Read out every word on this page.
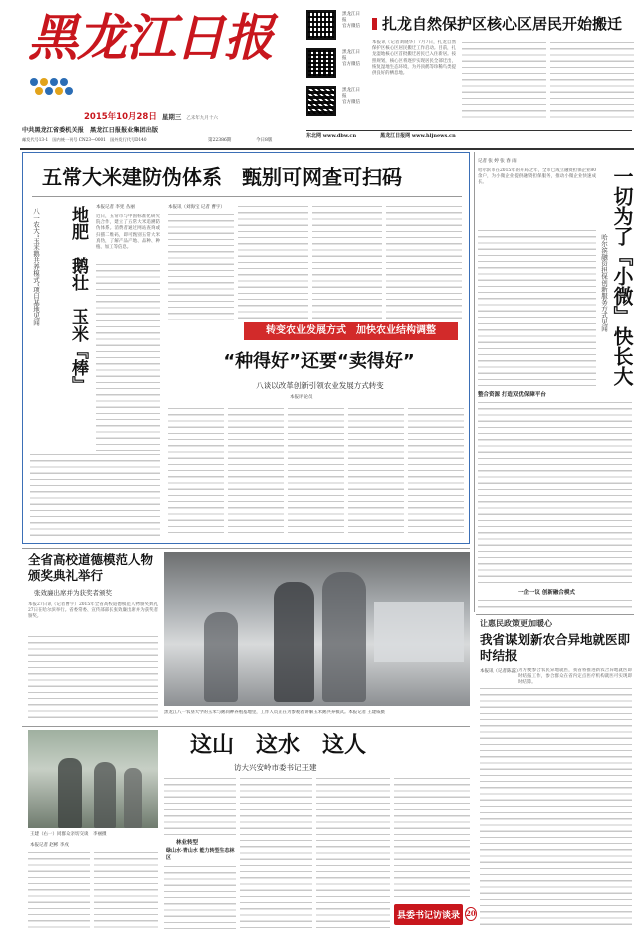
黑龙江日报
2015年10月28日 星期三 乙未年九月十六
中共黑龙江省委机关报　黑龙江日报报业集团出版
邮发代号13-1　国内统一刊号 CN23—0001　国外发行代号D140	第22386期	今日8版
黑龙江日报
官方微信
黑龙江日报
官方微信
黑龙江日报
官方微信
东北网 www.dbw.cn	黑龙江日报网 www.hljnews.cn
扎龙自然保护区核心区居民开始搬迁
本报讯（记者刘晓华）7月7日，扎龙自然保护区核心区居民搬迁工作启动。目前，扎龙湿地核心区首批搬迁居民已入住新居。按照规划，核心区将逐步实现居民全部迁出，恢复湿地生态环境，为丹顶鹤等珍稀鸟类提供良好的栖息地。
五常大米建防伪体系　甄别可网查可扫码
地肥　鹅壮　玉米『棒』
八一农大“玉米鹅共养模式”项目基地见闻
本报记者 李宪 丛丽
近日，五常市与中国标准化研究院合作，建立了五常大米追溯防伪体系。消费者通过网站查询或扫描二维码，即可甄别五常大米真伪，了解产品产地、品种、种植、加工等信息。
本报讯（刘海宝 记者 曹宇）
转变农业发展方式　加快农业结构调整
“种得好”还要“卖得好”
八谈以改革创新引领农业发展方式转变
本报评论员
记者 张 婷 张 春 雨
一切为了『小微』快长大
哈尔滨融资担保创新服务方式见闻
哈尔滨市在2015年的开局之年，全市已成立融资担保企业80余户，为小微企业提供融资担保服务，推动小微企业快速成长。
整合资源 打造双优保障平台
一企一议 创新融合模式
全省高校道德模范人物颁奖典礼举行
张效廉出席并为获奖者颁奖
本报27日讯（记者曹宇）2015年全省高校道德模范人物颁奖典礼27日在哈尔滨举行。省委常委、宣传部部长张效廉出席并为获奖者颁奖。
黑龙江八一农垦大学的玉米与鹅同种养殖基地里，工作人员正在为参观者讲解玉米鹅共养模式。本报记者 王建威摄
让惠民政策更加暖心
我省谋划新农合异地就医即时结报
本报讯（记者陈蕊）
为方便参合农民异地就医，我省将推进新农合异地就医即时结报工作，参合群众在省内定点医疗机构就医可实现即时结算。
王建（右一）同群众亲切交谈　李丽摄
本报记者 赵彬 李戌
这山　这水　这人
访大兴安岭市委书记王建
林业转型
绿山水·青山水 能力转型生态林区
县委书记访谈录 20
